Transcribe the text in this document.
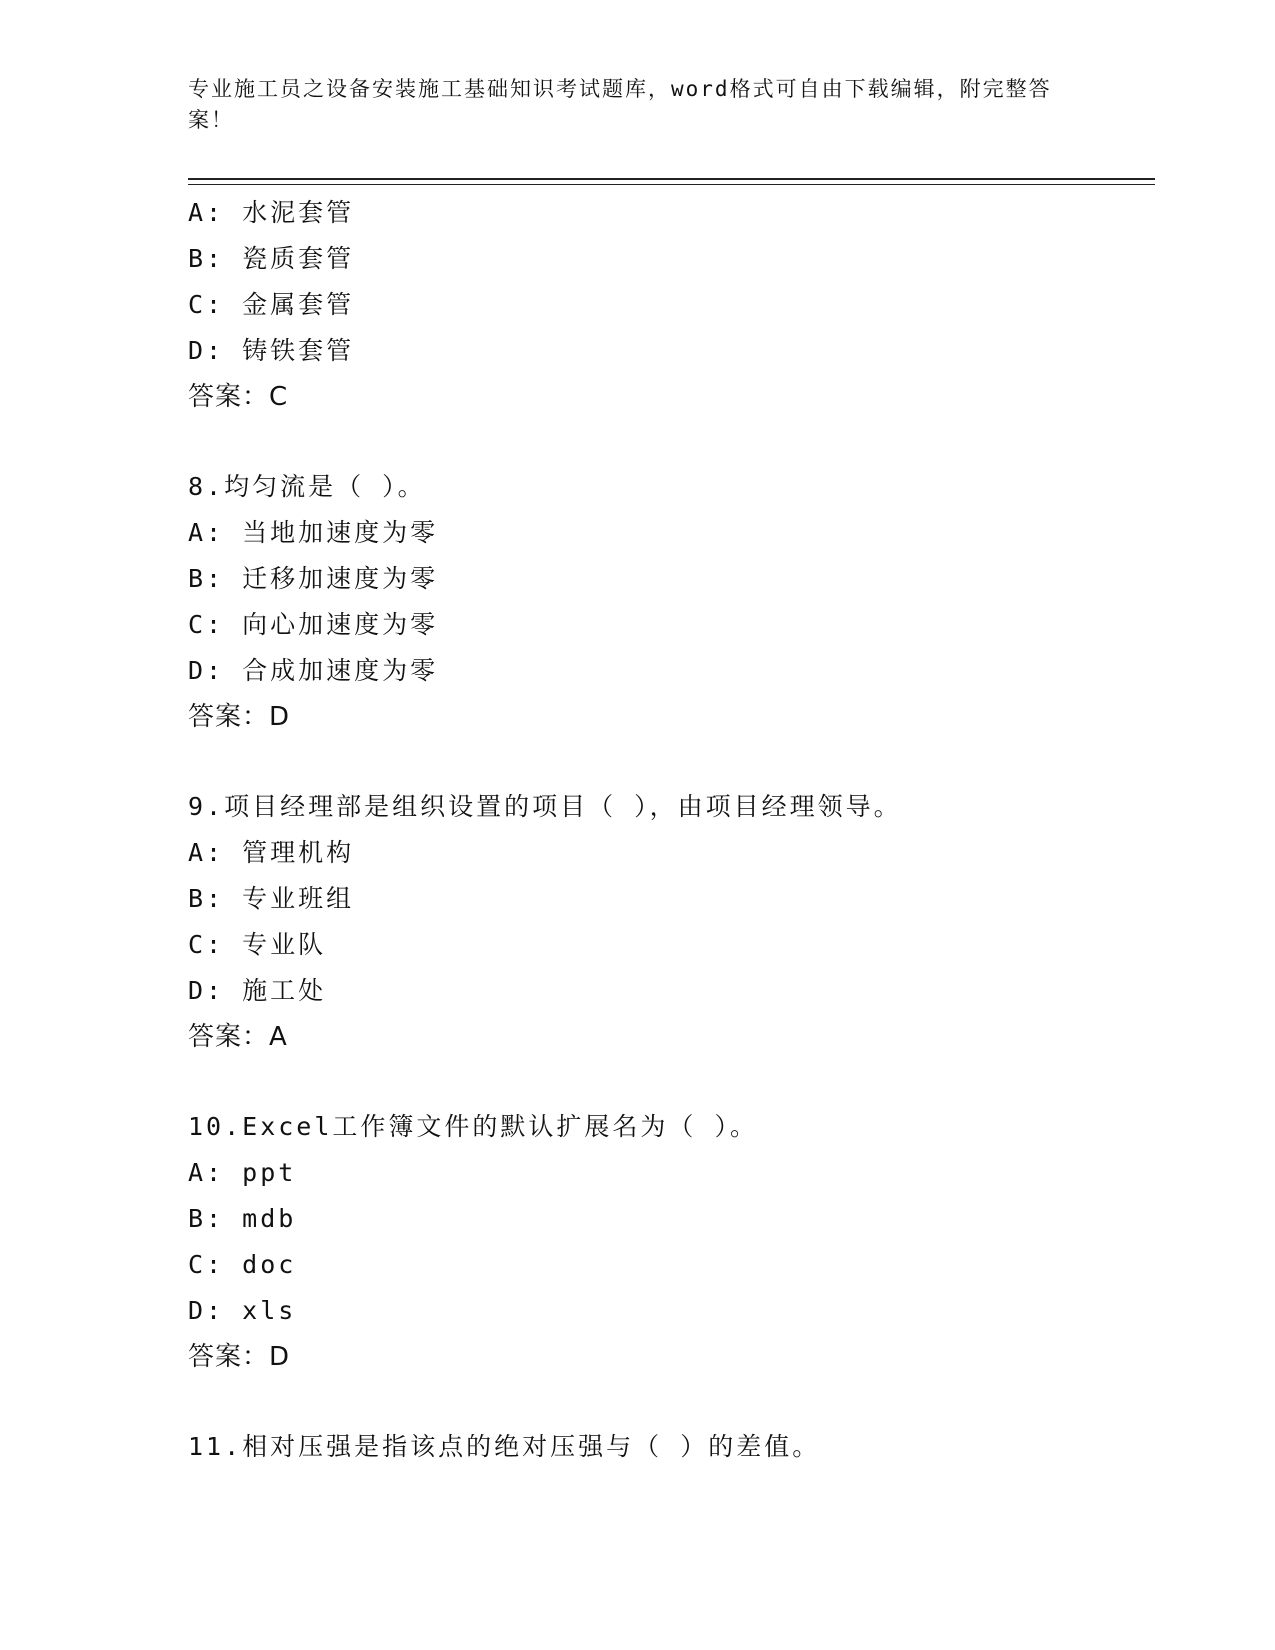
专业施工员之设备安装施工基础知识考试题库，word格式可自由下载编辑，附完整答案！
A: 水泥套管
B: 瓷质套管
C: 金属套管
D: 铸铁套管
答案：C
8.均匀流是（ ）。
A: 当地加速度为零
B: 迁移加速度为零
C: 向心加速度为零
D: 合成加速度为零
答案：D
9.项目经理部是组织设置的项目（ ），由项目经理领导。
A: 管理机构
B: 专业班组
C: 专业队
D: 施工处
答案：A
10.Excel工作簿文件的默认扩展名为（ ）。
A: ppt
B: mdb
C: doc
D: xls
答案：D
11.相对压强是指该点的绝对压强与（ ）的差值。
